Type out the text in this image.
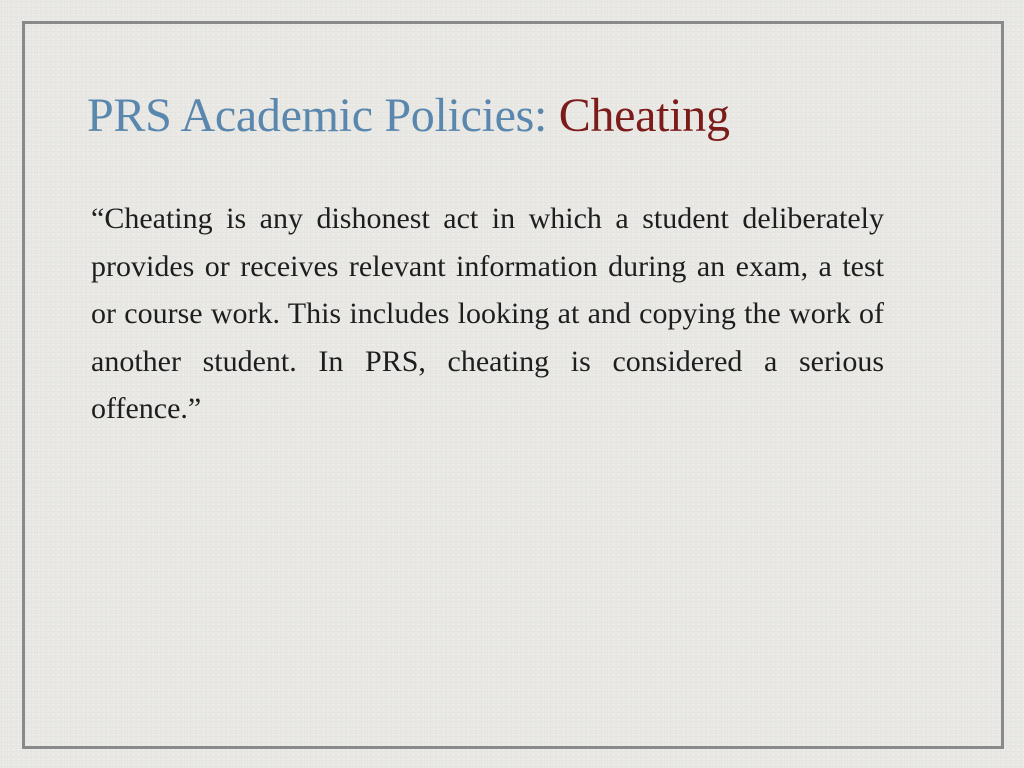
PRS Academic Policies: Cheating

“Cheating is any dishonest act in which a student deliberately provides or receives relevant information during an exam, a test or course work. This includes looking at and copying the work of another student. In PRS, cheating is considered a serious offence.”
